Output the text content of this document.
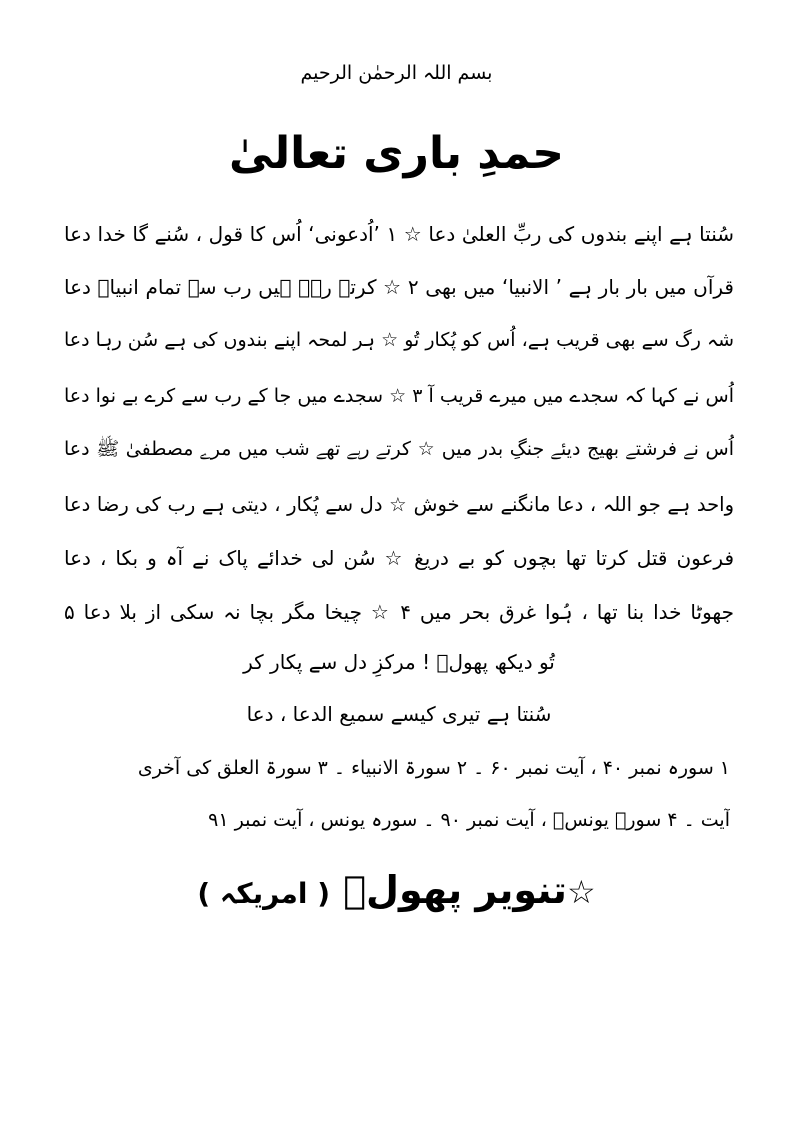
بسم اللہ الرحمٰن الرحیم
حمدِ باری تعالیٰ
سُنتا ہے اپنے بندوں کی ربِّ العلیٰ دعا ☆ ۱ ’اُدعونی‘ اُس کا قول ، سُنے گا خدا دعا
قرآں میں بار بار ہے ’ الانبیا‘ میں بھی ۲ ☆ کرتے رہے ہیں رب سے تمام انبیاؑ دعا
شہ رگ سے بھی قریب ہے، اُس کو پُکار تُو ☆ ہر لمحہ اپنے بندوں کی ہے سُن رہا دعا
اُس نے کہا کہ سجدے میں میرے قریب آ ۳ ☆ سجدے میں جا کے رب سے کرے بے نوا دعا
اُس نے فرشتے بھیج دیئے جنگِ بدر میں ☆ کرتے رہے تھے شب میں مرے مصطفیٰ ﷺ دعا
واحد ہے جو اللہ ، دعا مانگنے سے خوش ☆ دل سے پُکار ، دیتی ہے رب کی رضا دعا
فرعون قتل کرتا تھا بچوں کو بے دریغ ☆ سُن لی خدائے پاک نے آہ و بکا ، دعا
جھوٹا خدا بنا تھا ، ہُوا غرق بحر میں ۴ ☆ چیخا مگر بچا نہ سکی از بلا دعا ۵
تُو دیکھ پھولؔ ! مرکزِ دل سے پکار کر
سُنتا ہے تیری کیسے سمیع الدعا ، دعا
۱ سورہ نمبر ۴۰ ، آیت نمبر ۶۰ ۔ ۲ سورۃ الانبیاء ۔ ۳ سورۃ العلق کی آخری
آیت ۔ ۴ سورہ یونسؔ ، آیت نمبر ۹۰ ۔ سورہ یونس ، آیت نمبر ۹۱
☆تنویر پھولؔ ( امریکہ )
